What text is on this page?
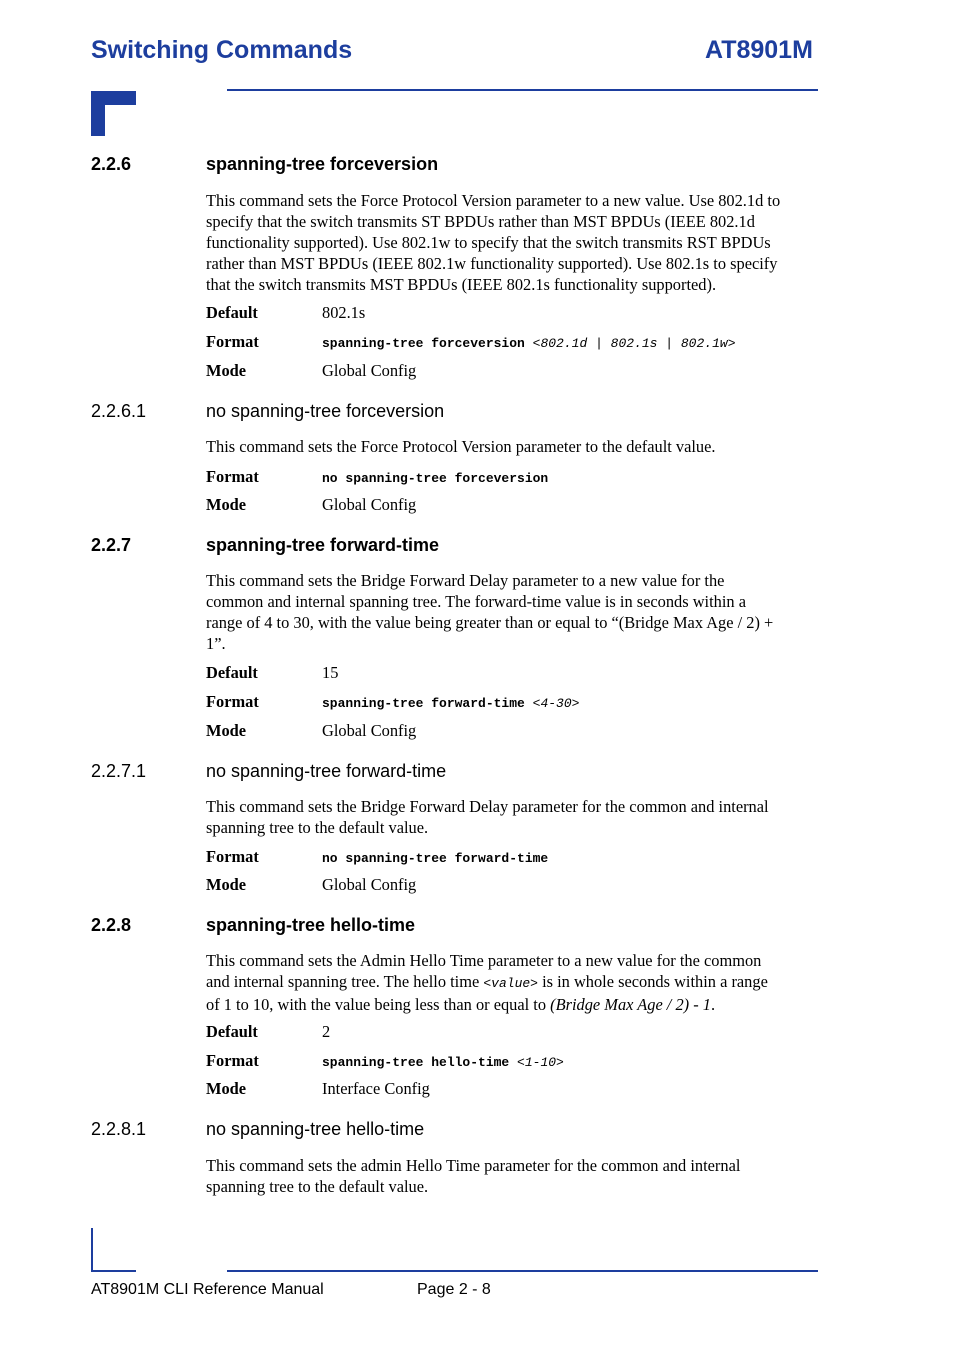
Switching Commands	AT8901M
2.2.6	spanning-tree forceversion
This command sets the Force Protocol Version parameter to a new value. Use 802.1d to
specify that the switch transmits ST BPDUs rather than MST BPDUs (IEEE 802.1d
functionality supported). Use 802.1w to specify that the switch transmits RST BPDUs
rather than MST BPDUs (IEEE 802.1w functionality supported). Use 802.1s to specify
that the switch transmits MST BPDUs (IEEE 802.1s functionality supported).
Default	802.1s
Format	spanning-tree forceversion <802.1d | 802.1s | 802.1w>
Mode	Global Config
2.2.6.1	no spanning-tree forceversion
This command sets the Force Protocol Version parameter to the default value.
Format	no spanning-tree forceversion
Mode	Global Config
2.2.7	spanning-tree forward-time
This command sets the Bridge Forward Delay parameter to a new value for the
common and internal spanning tree. The forward-time value is in seconds within a
range of 4 to 30, with the value being greater than or equal to “(Bridge Max Age / 2) +
1”.
Default	15
Format	spanning-tree forward-time <4-30>
Mode	Global Config
2.2.7.1	no spanning-tree forward-time
This command sets the Bridge Forward Delay parameter for the common and internal
spanning tree to the default value.
Format	no spanning-tree forward-time
Mode	Global Config
2.2.8	spanning-tree hello-time
This command sets the Admin Hello Time parameter to a new value for the common
and internal spanning tree. The hello time <value> is in whole seconds within a range
of 1 to 10, with the value being less than or equal to (Bridge Max Age / 2) - 1.
Default	2
Format	spanning-tree hello-time <1-10>
Mode	Interface Config
2.2.8.1	no spanning-tree hello-time
This command sets the admin Hello Time parameter for the common and internal
spanning tree to the default value.
AT8901M CLI Reference Manual	Page 2 - 8
